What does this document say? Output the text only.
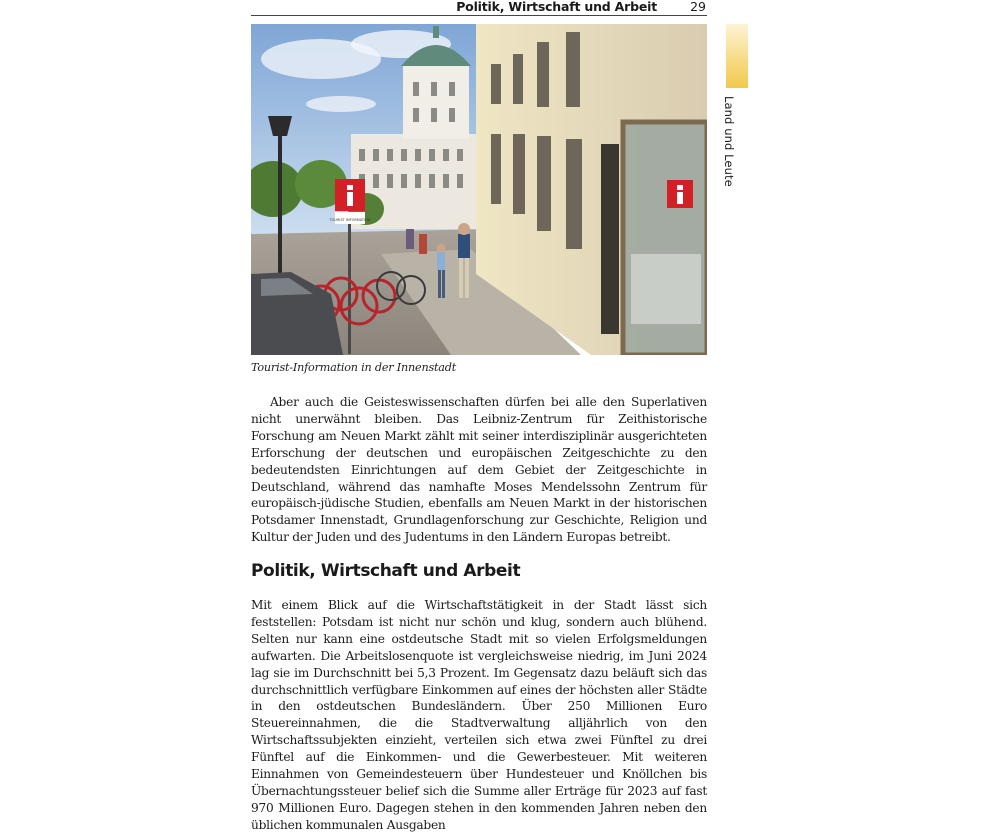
Politik, Wirtschaft und Arbeit	29
Land und Leute
TOURIST INFORMATION
Tourist-Information in der Innenstadt

Aber auch die Geisteswissenschaften dürfen bei alle den Superlativen nicht unerwähnt bleiben. Das Leibniz-Zentrum für Zeithistorische Forschung am Neuen Markt zählt mit seiner interdisziplinär ausgerichteten Erforschung der deutschen und europäischen Zeitgeschichte zu den bedeutendsten Einrichtungen auf dem Gebiet der Zeitgeschichte in Deutschland, während das namhafte Moses Mendelssohn Zentrum für europäisch-jüdische Studien, ebenfalls am Neuen Markt in der historischen Potsdamer Innenstadt, Grundlagenforschung zur Geschichte, Religion und Kultur der Juden und des Judentums in den Ländern Europas betreibt.

Politik, Wirtschaft und Arbeit

Mit einem Blick auf die Wirtschaftstätigkeit in der Stadt lässt sich feststellen: Potsdam ist nicht nur schön und klug, sondern auch blühend. Selten nur kann eine ostdeutsche Stadt mit so vielen Erfolgsmeldungen aufwarten. Die Arbeitslosenquote ist vergleichsweise niedrig, im Juni 2024 lag sie im Durchschnitt bei 5,3 Prozent. Im Gegensatz dazu beläuft sich das durchschnittlich verfügbare Einkommen auf eines der höchsten aller Städte in den ostdeutschen Bundesländern. Über 250 Millionen Euro Steuereinnahmen, die die Stadtverwaltung alljährlich von den Wirtschaftssubjekten einzieht, verteilen sich etwa zwei Fünftel zu drei Fünftel auf die Einkommen- und die Gewerbesteuer. Mit weiteren Einnahmen von Gemeindesteuern über Hundesteuer und Knöllchen bis Übernachtungssteuer belief sich die Summe aller Erträge für 2023 auf fast 970 Millionen Euro. Dagegen stehen in den kommenden Jahren neben den üblichen kommunalen Ausgaben
